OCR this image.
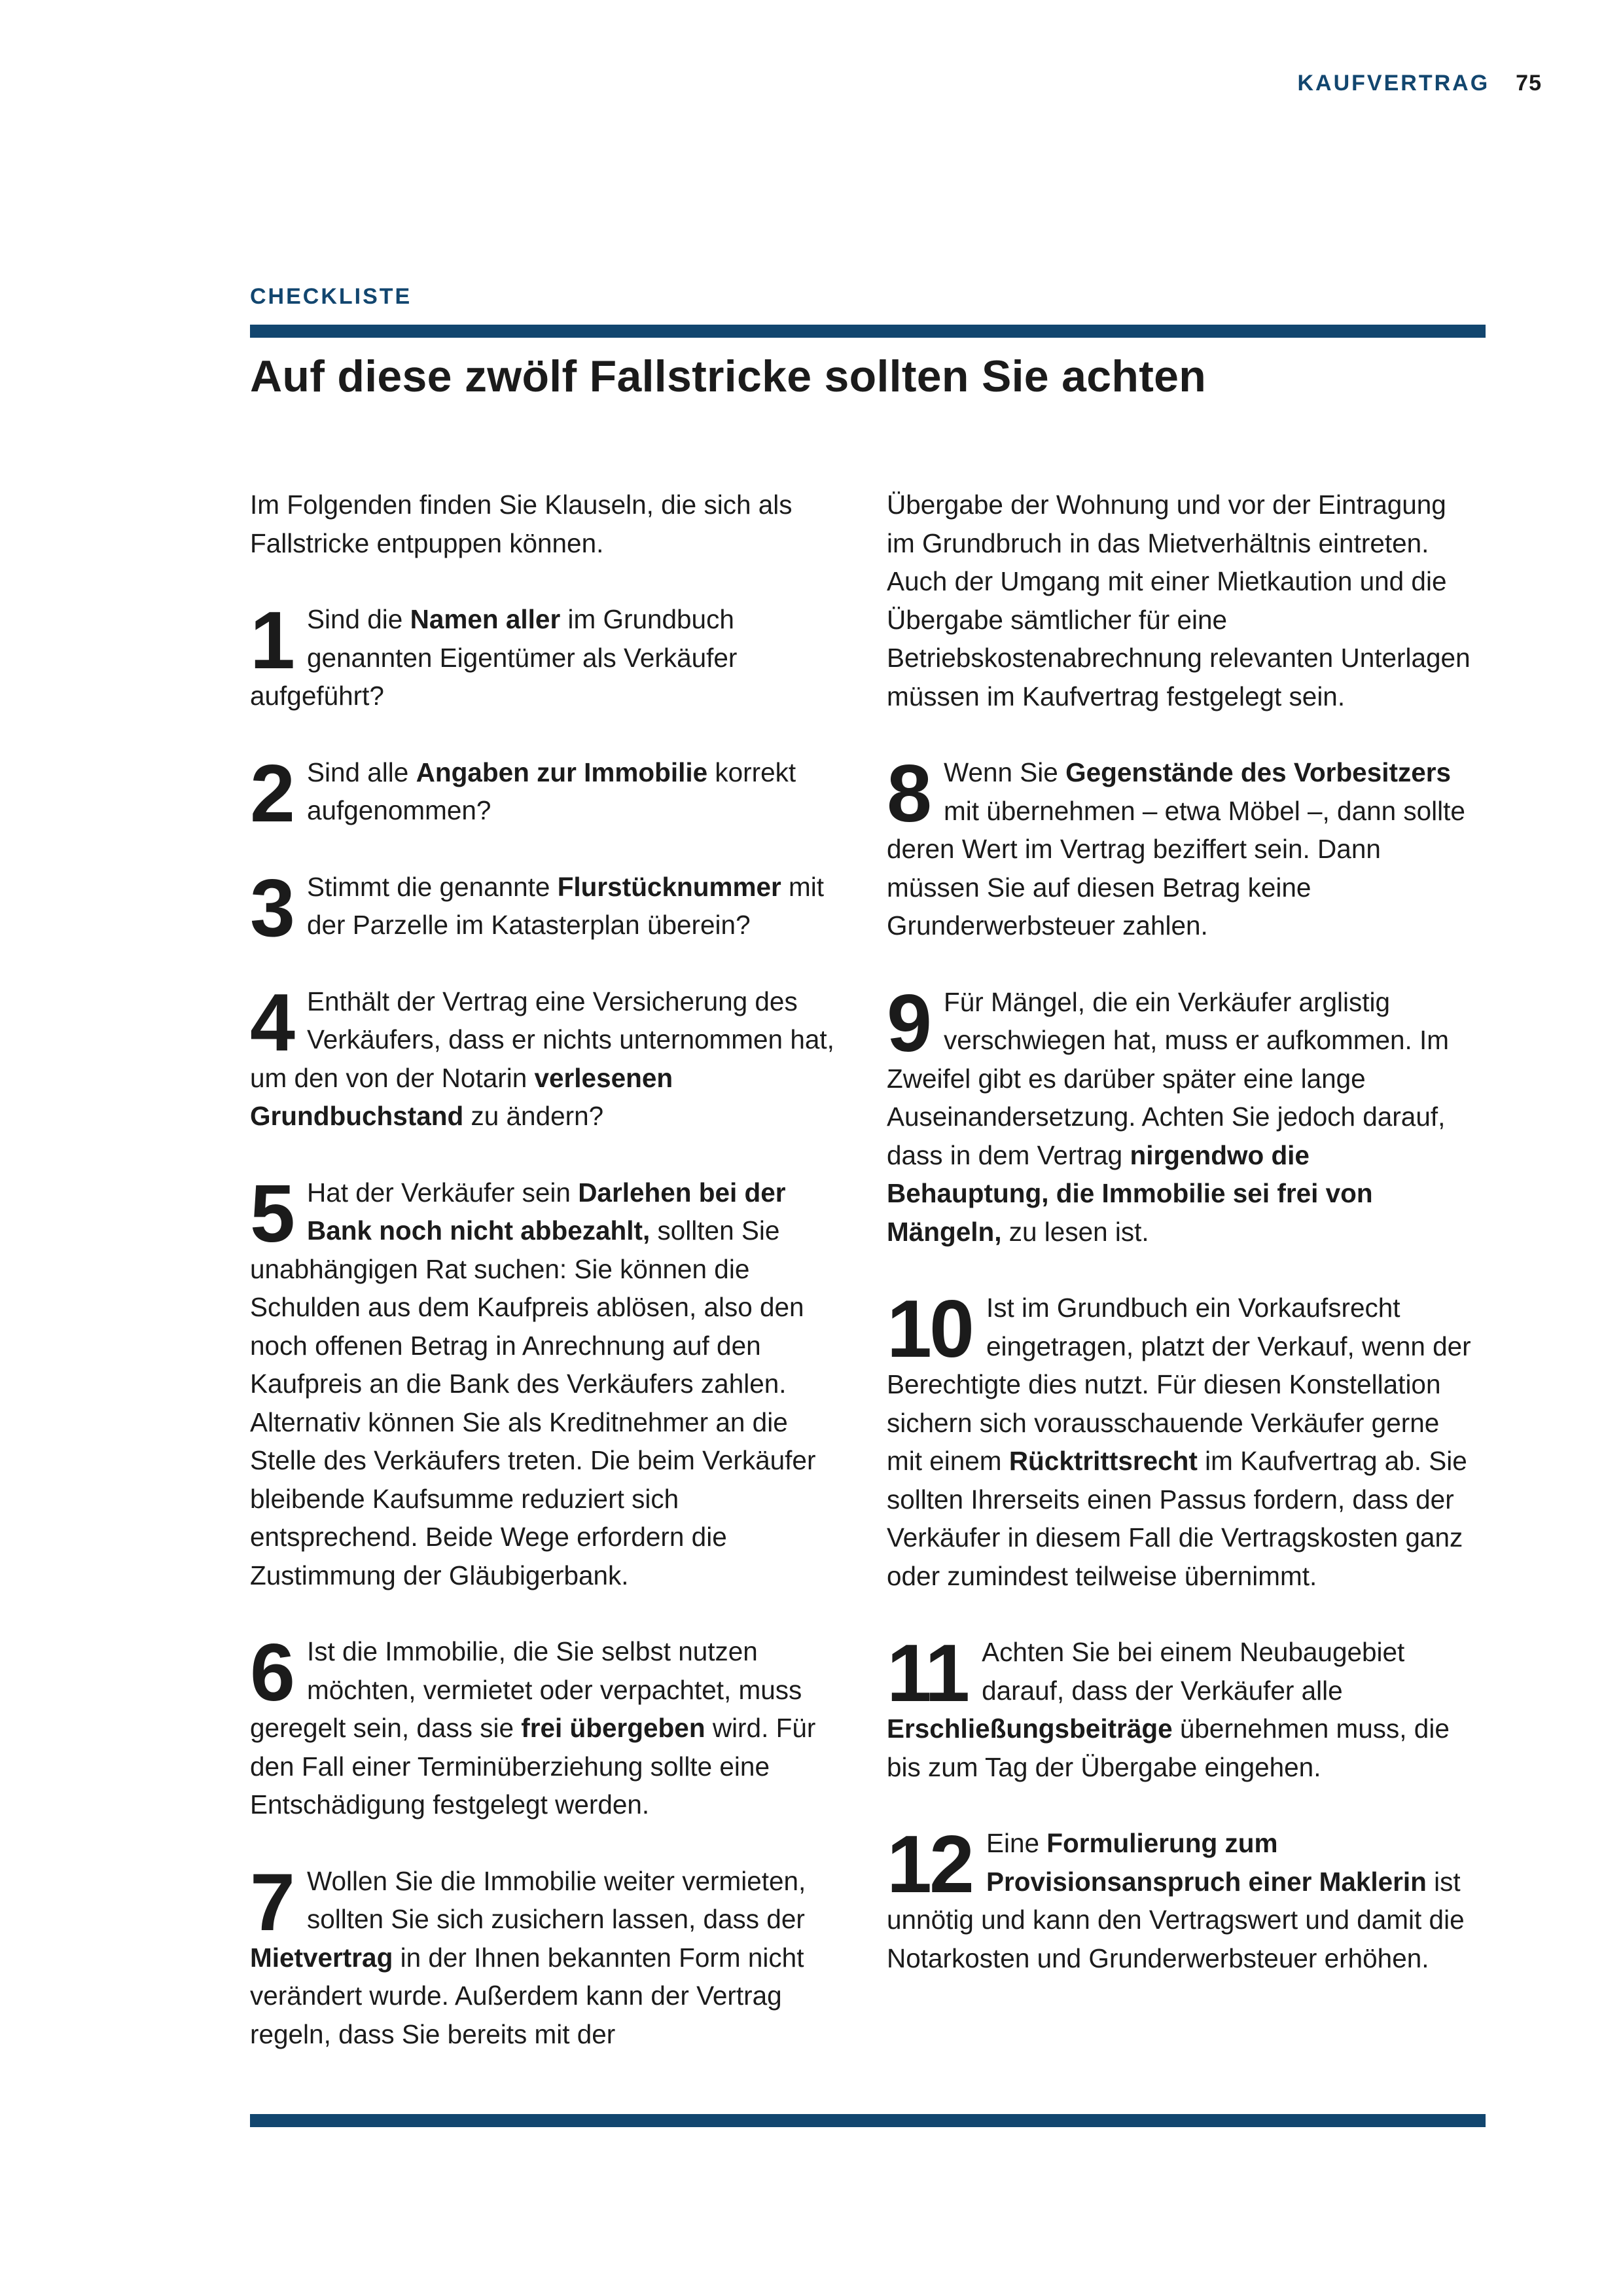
KAUFVERTRAG 75
CHECKLISTE
Auf diese zwölf Fallstricke sollten Sie achten

Im Folgenden finden Sie Klauseln, die sich als Fallstricke entpuppen können.

1 Sind die Namen aller im Grundbuch genannten Eigentümer als Verkäufer aufgeführt?

2 Sind alle Angaben zur Immobilie korrekt aufgenommen?

3 Stimmt die genannte Flurstücknummer mit der Parzelle im Katasterplan überein?

4 Enthält der Vertrag eine Versicherung des Verkäufers, dass er nichts unternommen hat, um den von der Notarin verlesenen Grundbuchstand zu ändern?

5 Hat der Verkäufer sein Darlehen bei der Bank noch nicht abbezahlt, sollten Sie unabhängigen Rat suchen: Sie können die Schulden aus dem Kaufpreis ablösen, also den noch offenen Betrag in Anrechnung auf den Kaufpreis an die Bank des Verkäufers zahlen. Alternativ können Sie als Kreditnehmer an die Stelle des Verkäufers treten. Die beim Verkäufer bleibende Kaufsumme reduziert sich entsprechend. Beide Wege erfordern die Zustimmung der Gläubigerbank.

6 Ist die Immobilie, die Sie selbst nutzen möchten, vermietet oder verpachtet, muss geregelt sein, dass sie frei übergeben wird. Für den Fall einer Terminüberziehung sollte eine Entschädigung festgelegt werden.

7 Wollen Sie die Immobilie weiter vermieten, sollten Sie sich zusichern lassen, dass der Mietvertrag in der Ihnen bekannten Form nicht verändert wurde. Außerdem kann der Vertrag regeln, dass Sie bereits mit der

Übergabe der Wohnung und vor der Eintragung im Grundbruch in das Mietverhältnis eintreten. Auch der Umgang mit einer Mietkaution und die Übergabe sämtlicher für eine Betriebskostenabrechnung relevanten Unterlagen müssen im Kaufvertrag festgelegt sein.

8 Wenn Sie Gegenstände des Vorbesitzers mit übernehmen – etwa Möbel –, dann sollte deren Wert im Vertrag beziffert sein. Dann müssen Sie auf diesen Betrag keine Grunderwerbsteuer zahlen.

9 Für Mängel, die ein Verkäufer arglistig verschwiegen hat, muss er aufkommen. Im Zweifel gibt es darüber später eine lange Auseinandersetzung. Achten Sie jedoch darauf, dass in dem Vertrag nirgendwo die Behauptung, die Immobilie sei frei von Mängeln, zu lesen ist.

10 Ist im Grundbuch ein Vorkaufsrecht eingetragen, platzt der Verkauf, wenn der Berechtigte dies nutzt. Für diesen Konstellation sichern sich vorausschauende Verkäufer gerne mit einem Rücktrittsrecht im Kaufvertrag ab. Sie sollten Ihrerseits einen Passus fordern, dass der Verkäufer in diesem Fall die Vertragskosten ganz oder zumindest teilweise übernimmt.

11 Achten Sie bei einem Neubaugebiet darauf, dass der Verkäufer alle Erschließungsbeiträge übernehmen muss, die bis zum Tag der Übergabe eingehen.

12 Eine Formulierung zum Provisionsanspruch einer Maklerin ist unnötig und kann den Vertragswert und damit die Notarkosten und Grunderwerbsteuer erhöhen.
